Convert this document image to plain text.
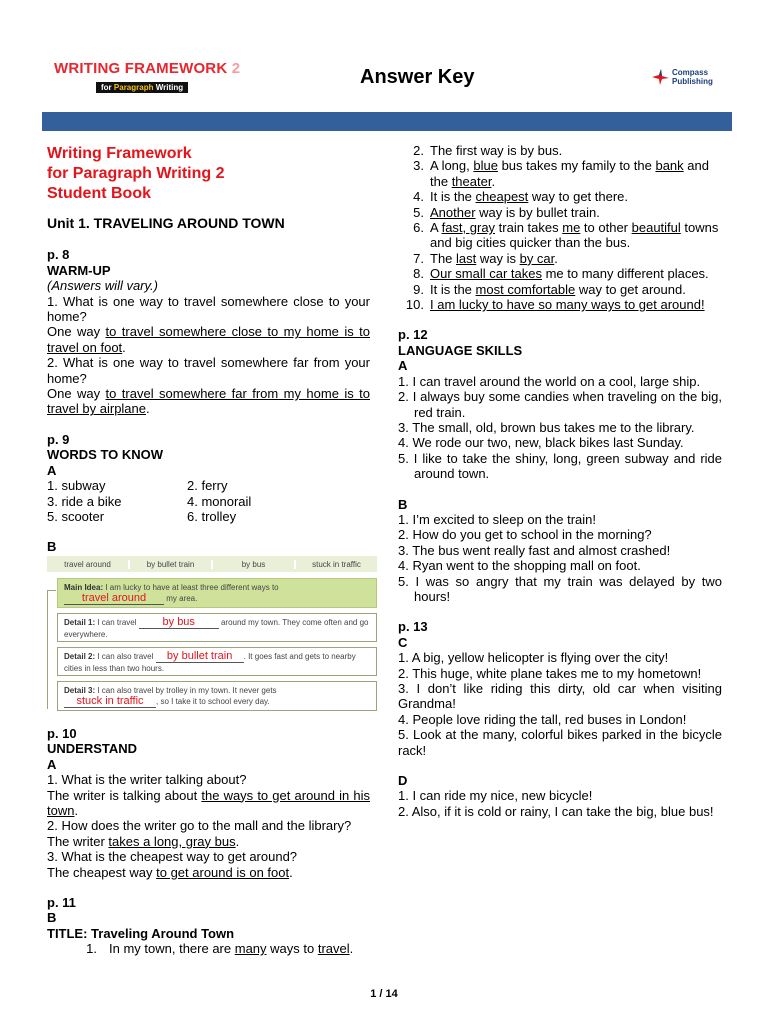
WRITING FRAMEWORK 2
for Paragraph Writing	Answer Key	Compass
Publishing
Writing Framework
for Paragraph Writing 2
Student Book
Unit 1. TRAVELING AROUND TOWN
p. 8
WARM-UP
(Answers will vary.)
1. What is one way to travel somewhere close to your home?
One way to travel somewhere close to my home is to travel on foot.
2. What is one way to travel somewhere far from your home?
One way to travel somewhere far from my home is to travel by airplane.
p. 9
WORDS TO KNOW
A
1. subway	2. ferry
3. ride a bike	4. monorail
5. scooter	6. trolley
B
travel around	by bullet train	by bus	stuck in traffic
Main Idea: I am lucky to have at least three different ways to
travel around	my area.
Detail 1: I can travel by bus	around my town. They come often and go everywhere.
Detail 2: I can also travel by bullet train . It goes fast and gets to nearby cities in less than two hours.
Detail 3: I can also travel by trolley in my town. It never gets
stuck in traffic , so I take it to school every day.
p. 10
UNDERSTAND
A
1. What is the writer talking about?
The writer is talking about the ways to get around in his town.
2. How does the writer go to the mall and the library?
The writer takes a long, gray bus.
3. What is the cheapest way to get around?
The cheapest way to get around is on foot.
p. 11
B
TITLE: Traveling Around Town
1. In my town, there are many ways to travel.
2. The first way is by bus.
3. A long, blue bus takes my family to the bank and the theater.
4. It is the cheapest way to get there.
5. Another way is by bullet train.
6. A fast, gray train takes me to other beautiful towns and big cities quicker than the bus.
7. The last way is by car.
8. Our small car takes me to many different places.
9. It is the most comfortable way to get around.
10. I am lucky to have so many ways to get around!
p. 12
LANGUAGE SKILLS
A
1. I can travel around the world on a cool, large ship.
2. I always buy some candies when traveling on the big, red train.
3. The small, old, brown bus takes me to the library.
4. We rode our two, new, black bikes last Sunday.
5. I like to take the shiny, long, green subway and ride around town.
B
1. I’m excited to sleep on the train!
2. How do you get to school in the morning?
3. The bus went really fast and almost crashed!
4. Ryan went to the shopping mall on foot.
5. I was so angry that my train was delayed by two hours!
p. 13
C
1. A big, yellow helicopter is flying over the city!
2. This huge, white plane takes me to my hometown!
3. I don’t like riding this dirty, old car when visiting Grandma!
4. People love riding the tall, red buses in London!
5. Look at the many, colorful bikes parked in the bicycle rack!
D
1. I can ride my nice, new bicycle!
2. Also, if it is cold or rainy, I can take the big, blue bus!
1 / 14
